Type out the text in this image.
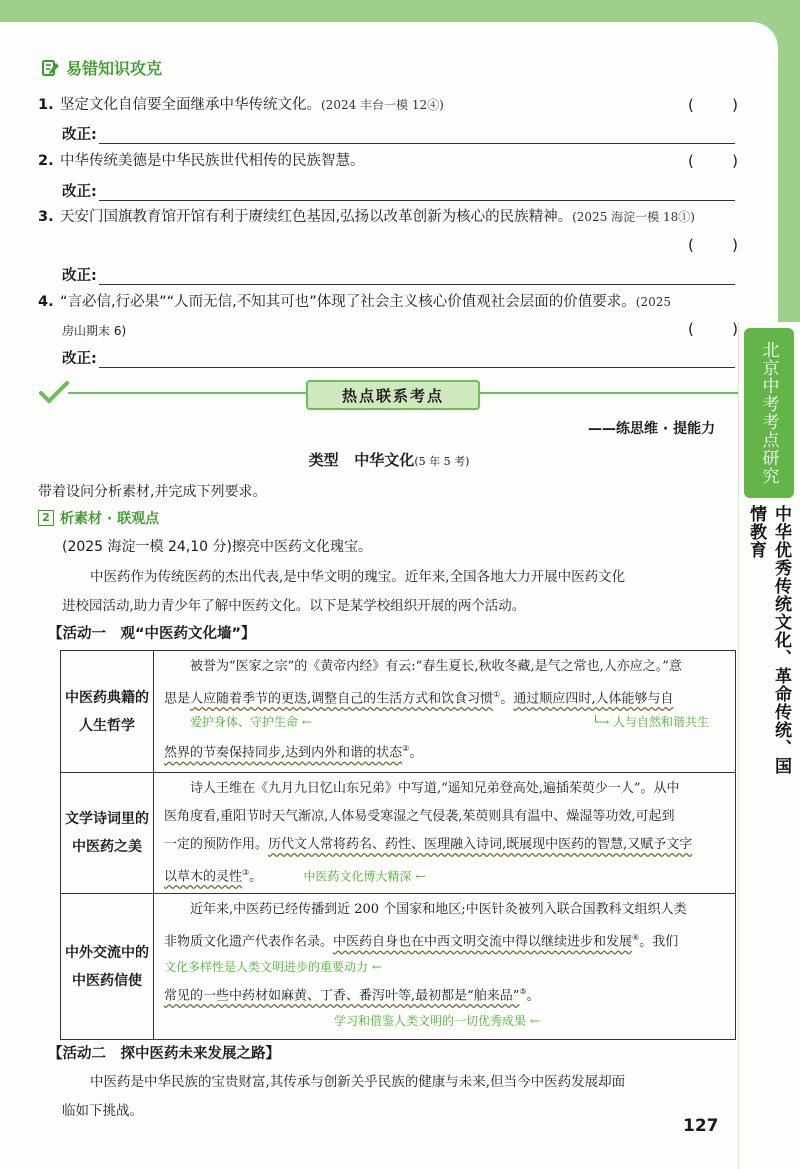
北京中考考点研究
中华优秀传统文化、革命传统、国情教育
易错知识攻克
1. 坚定文化自信要全面继承中华传统文化。(2024 丰台一模 12④)	(	)
改正:
2. 中华传统美德是中华民族世代相传的民族智慧。	(	)
改正:
3. 天安门国旗教育馆开馆有利于赓续红色基因,弘扬以改革创新为核心的民族精神。(2025 海淀一模 18①)
(	)
改正:
4. “言必信,行必果”“人而无信,不知其可也”体现了社会主义核心价值观社会层面的价值要求。(2025
房山期末 6)	(	)
改正:
热点联系考点
——练思维 · 提能力
类型 中华文化(5 年 5 考)
带着设问分析素材,并完成下列要求。
2 析素材 · 联观点
(2025 海淀一模 24,10 分)擦亮中医药文化瑰宝。
中医药作为传统医药的杰出代表,是中华文明的瑰宝。近年来,全国各地大力开展中医药文化
进校园活动,助力青少年了解中医药文化。以下是某学校组织开展的两个活动。
【活动一　观“中医药文化墙”】
中医药典籍的人生哲学	被誉为“医家之宗”的《黄帝内经》有云:“春生夏长,秋收冬藏,是气之常也,人亦应之。”意
思是人应随着季节的更迭,调整自己的生活方式和饮食习惯①。通过顺应四时,人体能够与自
爱护身体、守护生命 ← └→ 人与自然和谐共生
然界的节奏保持同步,达到内外和谐的状态②。

文学诗词里的中医药之美	诗人王维在《九月九日忆山东兄弟》中写道,“遥知兄弟登高处,遍插茱萸少一人”。从中
医角度看,重阳节时天气渐凉,人体易受寒湿之气侵袭,茱萸则具有温中、燥湿等功效,可起到
一定的预防作用。历代文人常将药名、药性、医理融入诗词,既展现中医药的智慧,又赋予文字
以草木的灵性③。 中医药文化博大精深 ←

中外交流中的中医药信使	近年来,中医药已经传播到近 200 个国家和地区;中医针灸被列入联合国教科文组织人类
非物质文化遗产代表作名录。中医药自身也在中西文明交流中得以继续进步和发展④。我们
文化多样性是人类文明进步的重要动力 ←
常见的一些中药材如麻黄、丁香、番泻叶等,最初都是“舶来品”⑤。
学习和借鉴人类文明的一切优秀成果 ←
【活动二　探中医药未来发展之路】
中医药是中华民族的宝贵财富,其传承与创新关乎民族的健康与未来,但当今中医药发展却面
临如下挑战。
127
